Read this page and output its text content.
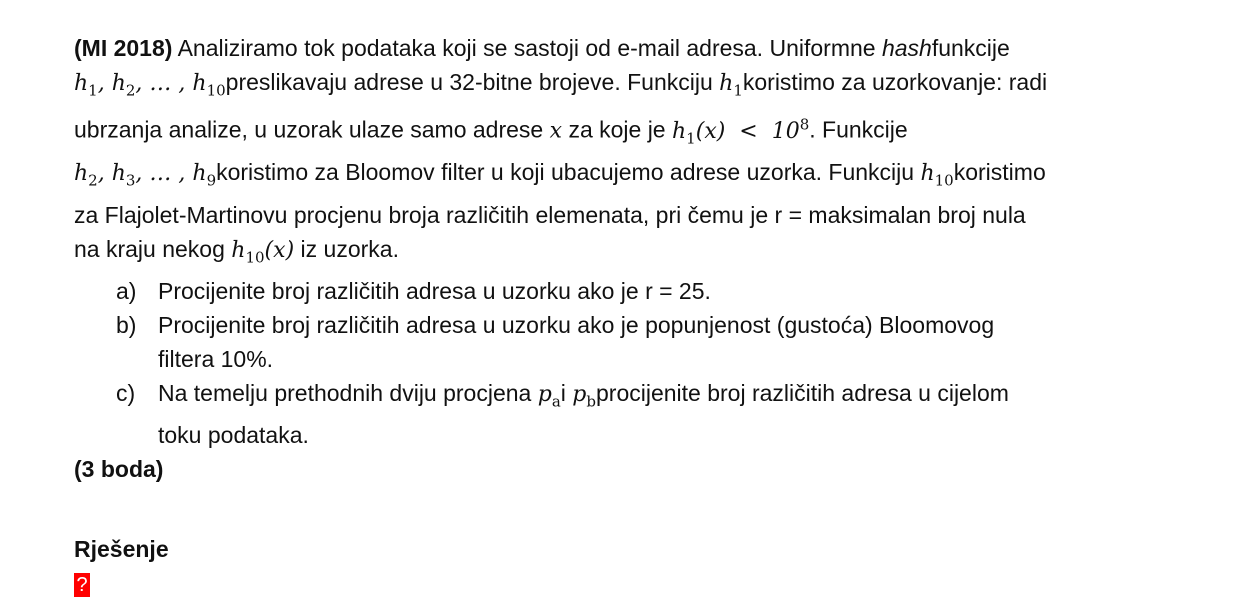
(MI 2018) Analiziramo tok podataka koji se sastoji od e-mail adresa. Uniformne hashfunkcije
$h_1$, $h_2$, … , $h_{10}preslikavaju$ adrese u 32-bitne brojeve. Funkciju $h_1koristimo$ za uzorkovanje: radi
ubrzanja analize, u uzorak ulaze samo adrese x za koje je $h_1(x) < 10^8$. Funkcije
$h_2$, $h_3$, … , $h_9koristimo$ za Bloomov filter u koji ubacujemo adrese uzorka. Funkciju $h_{10}koristimo$
za Flajolet-Martinovu procjenu broja različitih elemenata, pri čemu je r = maksimalan broj nula
na kraju nekog $h_{10}(x)$ iz uzorka.
a) Procijenite broj različitih adresa u uzorku ako je r = 25.
b) Procijenite broj različitih adresa u uzorku ako je popunjenost (gustoća) Bloomovog
filtera 10%.
c) Na temelju prethodnih dviju procjena $p_ai$ $p_bprocijenite$ broj različitih adresa u cijelom
toku podataka.
(3 boda)
Rješenje
?
